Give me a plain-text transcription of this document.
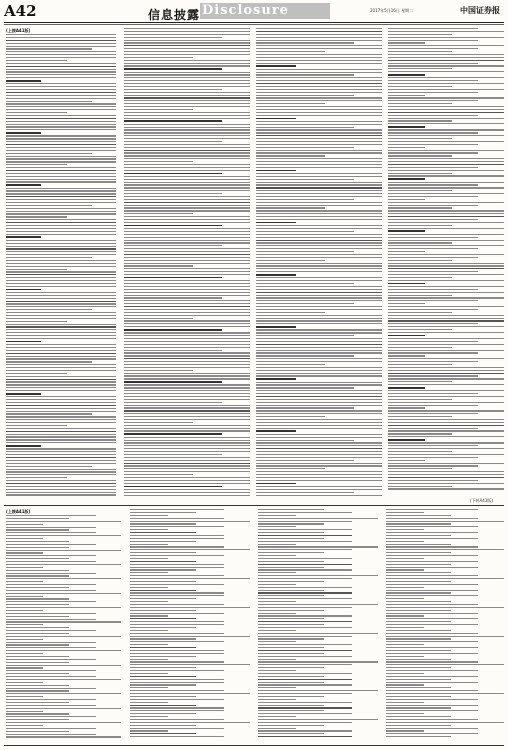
A42	信息披露 Disclosure	2017年5月16日 星期二	中国证券报
(上接A41版)
(下转A43版)
(上接A41版)
